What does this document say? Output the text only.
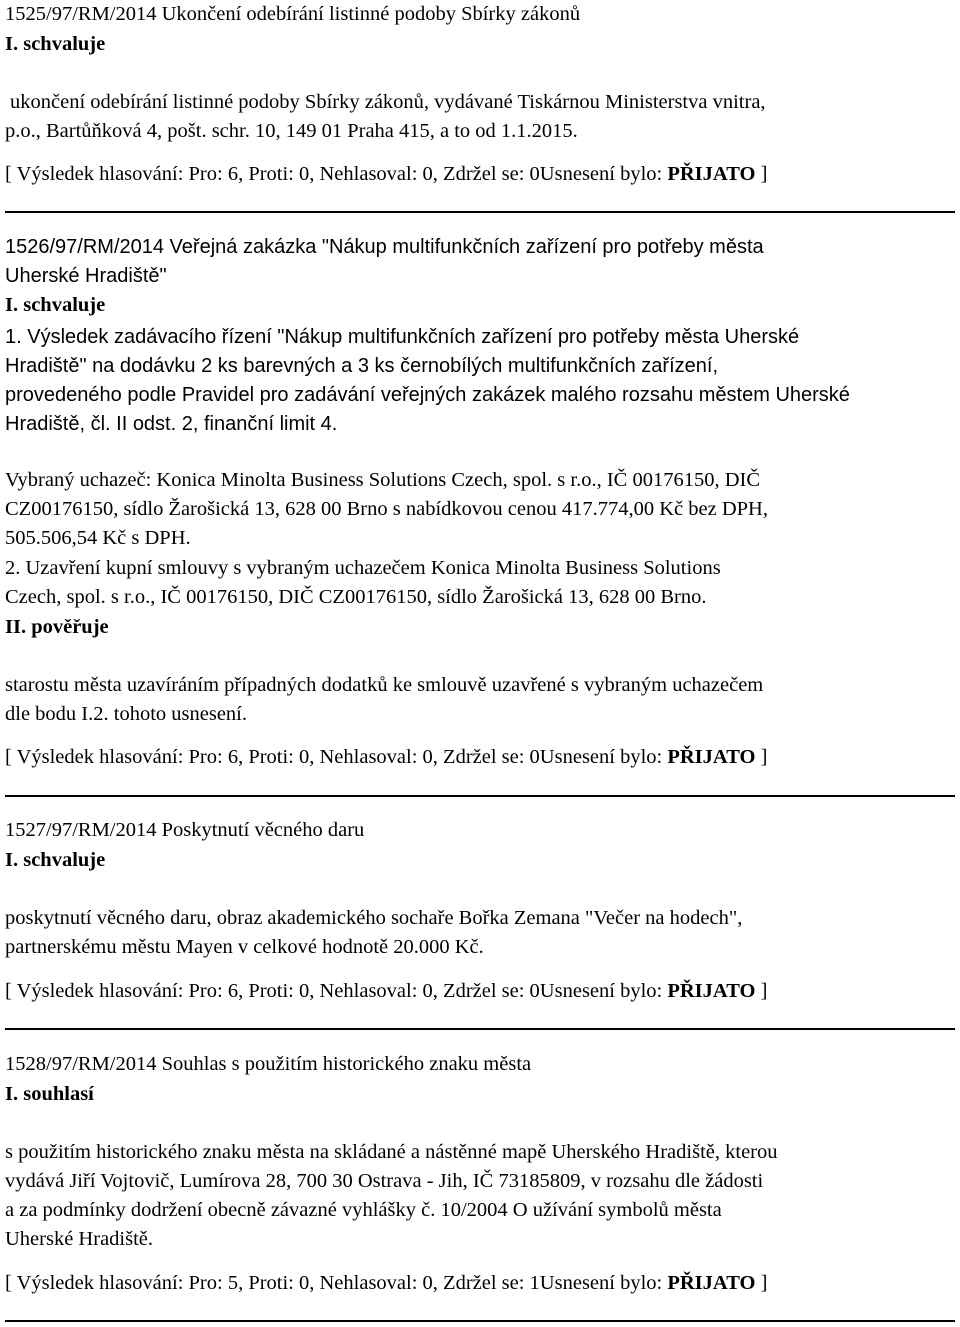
1525/97/RM/2014 Ukončení odebírání listinné podoby Sbírky zákonů
I. schvaluje
ukončení odebírání listinné podoby Sbírky zákonů, vydávané Tiskárnou Ministerstva vnitra,
p.o., Bartůňková 4, pošt. schr. 10, 149 01 Praha 415, a to od 1.1.2015.
[ Výsledek hlasování: Pro: 6, Proti: 0, Nehlasoval: 0, Zdržel se: 0Usnesení bylo: PŘIJATO ]
1526/97/RM/2014 Veřejná zakázka "Nákup multifunkčních zařízení pro potřeby města
Uherské Hradiště"
I. schvaluje
1. Výsledek zadávacího řízení "Nákup multifunkčních zařízení pro potřeby města Uherské
Hradiště" na dodávku 2 ks barevných a 3 ks černobílých multifunkčních zařízení,
provedeného podle Pravidel pro zadávání veřejných zakázek malého rozsahu městem Uherské
Hradiště, čl. II odst. 2, finanční limit 4.
Vybraný uchazeč: Konica Minolta Business Solutions Czech, spol. s r.o., IČ 00176150, DIČ
CZ00176150, sídlo Žarošická 13, 628 00 Brno s nabídkovou cenou 417.774,00 Kč bez DPH,
505.506,54 Kč s DPH.
2. Uzavření kupní smlouvy s vybraným uchazečem Konica Minolta Business Solutions
Czech, spol. s r.o., IČ 00176150, DIČ CZ00176150, sídlo Žarošická 13, 628 00 Brno.
II. pověřuje
starostu města uzavíráním případných dodatků ke smlouvě uzavřené s vybraným uchazečem
dle bodu I.2. tohoto usnesení.
[ Výsledek hlasování: Pro: 6, Proti: 0, Nehlasoval: 0, Zdržel se: 0Usnesení bylo: PŘIJATO ]
1527/97/RM/2014 Poskytnutí věcného daru
I. schvaluje
poskytnutí věcného daru, obraz akademického sochaře Bořka Zemana "Večer na hodech",
partnerskému městu Mayen v celkové hodnotě 20.000 Kč.
[ Výsledek hlasování: Pro: 6, Proti: 0, Nehlasoval: 0, Zdržel se: 0Usnesení bylo: PŘIJATO ]
1528/97/RM/2014 Souhlas s použitím historického znaku města
I. souhlasí
s použitím historického znaku města na skládané a nástěnné mapě Uherského Hradiště, kterou
vydává Jiří Vojtovič, Lumírova 28, 700 30 Ostrava - Jih, IČ 73185809, v rozsahu dle žádosti
a za podmínky dodržení obecně závazné vyhlášky č. 10/2004 O užívání symbolů města
Uherské Hradiště.
[ Výsledek hlasování: Pro: 5, Proti: 0, Nehlasoval: 0, Zdržel se: 1Usnesení bylo: PŘIJATO ]
